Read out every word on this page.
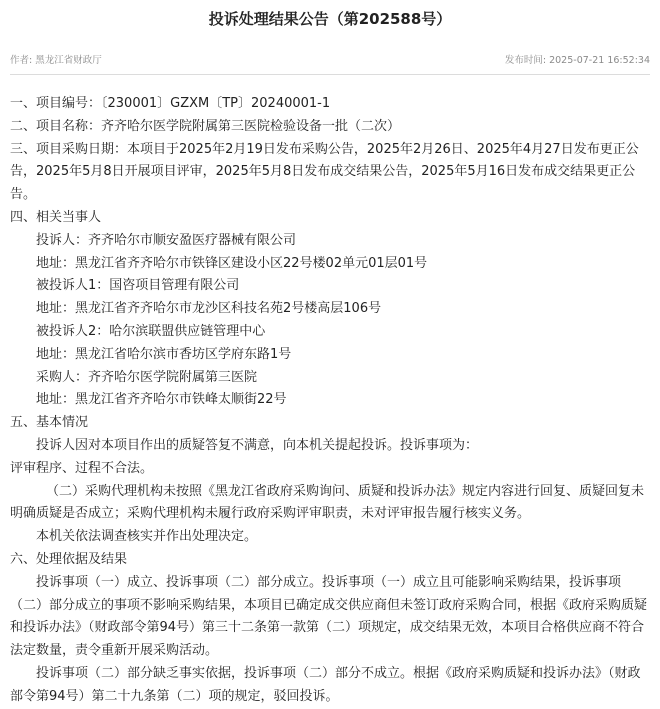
投诉处理结果公告（第202588号）
作者: 黑龙江省财政厅	发布时间: 2025-07-21 16:52:34
一、项目编号：〔230001〕GZXM〔TP〕20240001-1
二、项目名称：齐齐哈尔医学院附属第三医院检验设备一批（二次）
三、项目采购日期：本项目于2025年2月19日发布采购公告，2025年2月26日、2025年4月27日发布更正公告，2025年5月8日开展项目评审，2025年5月8日发布成交结果公告，2025年5月16日发布成交结果更正公告。
四、相关当事人
投诉人：齐齐哈尔市顺安盈医疗器械有限公司
地址：黑龙江省齐齐哈尔市铁锋区建设小区22号楼02单元01层01号
被投诉人1：国咨项目管理有限公司
地址：黑龙江省齐齐哈尔市龙沙区科技名苑2号楼高层106号
被投诉人2：哈尔滨联盟供应链管理中心
地址：黑龙江省哈尔滨市香坊区学府东路1号
采购人：齐齐哈尔医学院附属第三医院
地址：黑龙江省齐齐哈尔市铁峰太顺街22号
五、基本情况
投诉人因对本项目作出的质疑答复不满意，向本机关提起投诉。投诉事项为：
评审程序、过程不合法。
（二）采购代理机构未按照《黑龙江省政府采购询问、质疑和投诉办法》规定内容进行回复、质疑回复未明确质疑是否成立；采购代理机构未履行政府采购评审职责，未对评审报告履行核实义务。
本机关依法调查核实并作出处理决定。
六、处理依据及结果
投诉事项（一）成立、投诉事项（二）部分成立。投诉事项（一）成立且可能影响采购结果，投诉事项（二）部分成立的事项不影响采购结果，本项目已确定成交供应商但未签订政府采购合同，根据《政府采购质疑和投诉办法》（财政部令第94号）第三十二条第一款第（二）项规定，成交结果无效，本项目合格供应商不符合法定数量，责令重新开展采购活动。
投诉事项（二）部分缺乏事实依据，投诉事项（二）部分不成立。根据《政府采购质疑和投诉办法》（财政部令第94号）第二十九条第（二）项的规定，驳回投诉。
